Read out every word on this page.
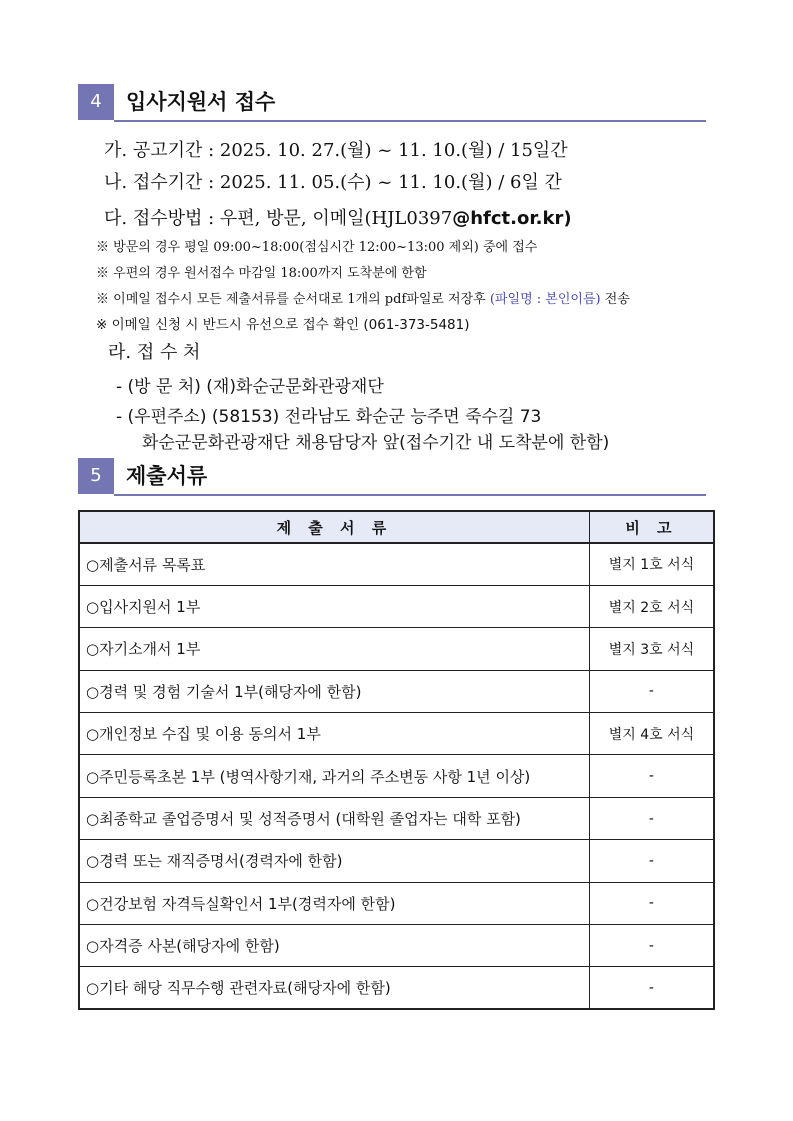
4	입사지원서 접수
가. 공고기간 : 2025. 10. 27.(월) ~ 11. 10.(월) / 15일간
나. 접수기간 : 2025. 11. 05.(수) ~ 11. 10.(월) / 6일 간
다. 접수방법 : 우편, 방문, 이메일(HJL0397@hfct.or.kr)
※ 방문의 경우 평일 09:00~18:00(점심시간 12:00~13:00 제외) 중에 접수
※ 우편의 경우 원서접수 마감일 18:00까지 도착분에 한함
※ 이메일 접수시 모든 제출서류를 순서대로 1개의 pdf파일로 저장후 (파일명 : 본인이름) 전송
※ 이메일 신청 시 반드시 유선으로 접수 확인 (061-373-5481)
라. 접 수 처
- (방 문 처) (재)화순군문화관광재단
- (우편주소) (58153) 전라남도 화순군 능주면 죽수길 73
화순군문화관광재단 채용담당자 앞(접수기간 내 도착분에 한함)
5	제출서류
제 출 서 류	비 고
○제출서류 목록표	별지 1호 서식
○입사지원서 1부	별지 2호 서식
○자기소개서 1부	별지 3호 서식
○경력 및 경험 기술서 1부(해당자에 한함)	-
○개인정보 수집 및 이용 동의서 1부	별지 4호 서식
○주민등록초본 1부 (병역사항기재, 과거의 주소변동 사항 1년 이상)	-
○최종학교 졸업증명서 및 성적증명서 (대학원 졸업자는 대학 포함)	-
○경력 또는 재직증명서(경력자에 한함)	-
○건강보험 자격득실확인서 1부(경력자에 한함)	-
○자격증 사본(해당자에 한함)	-
○기타 해당 직무수행 관련자료(해당자에 한함)	-
